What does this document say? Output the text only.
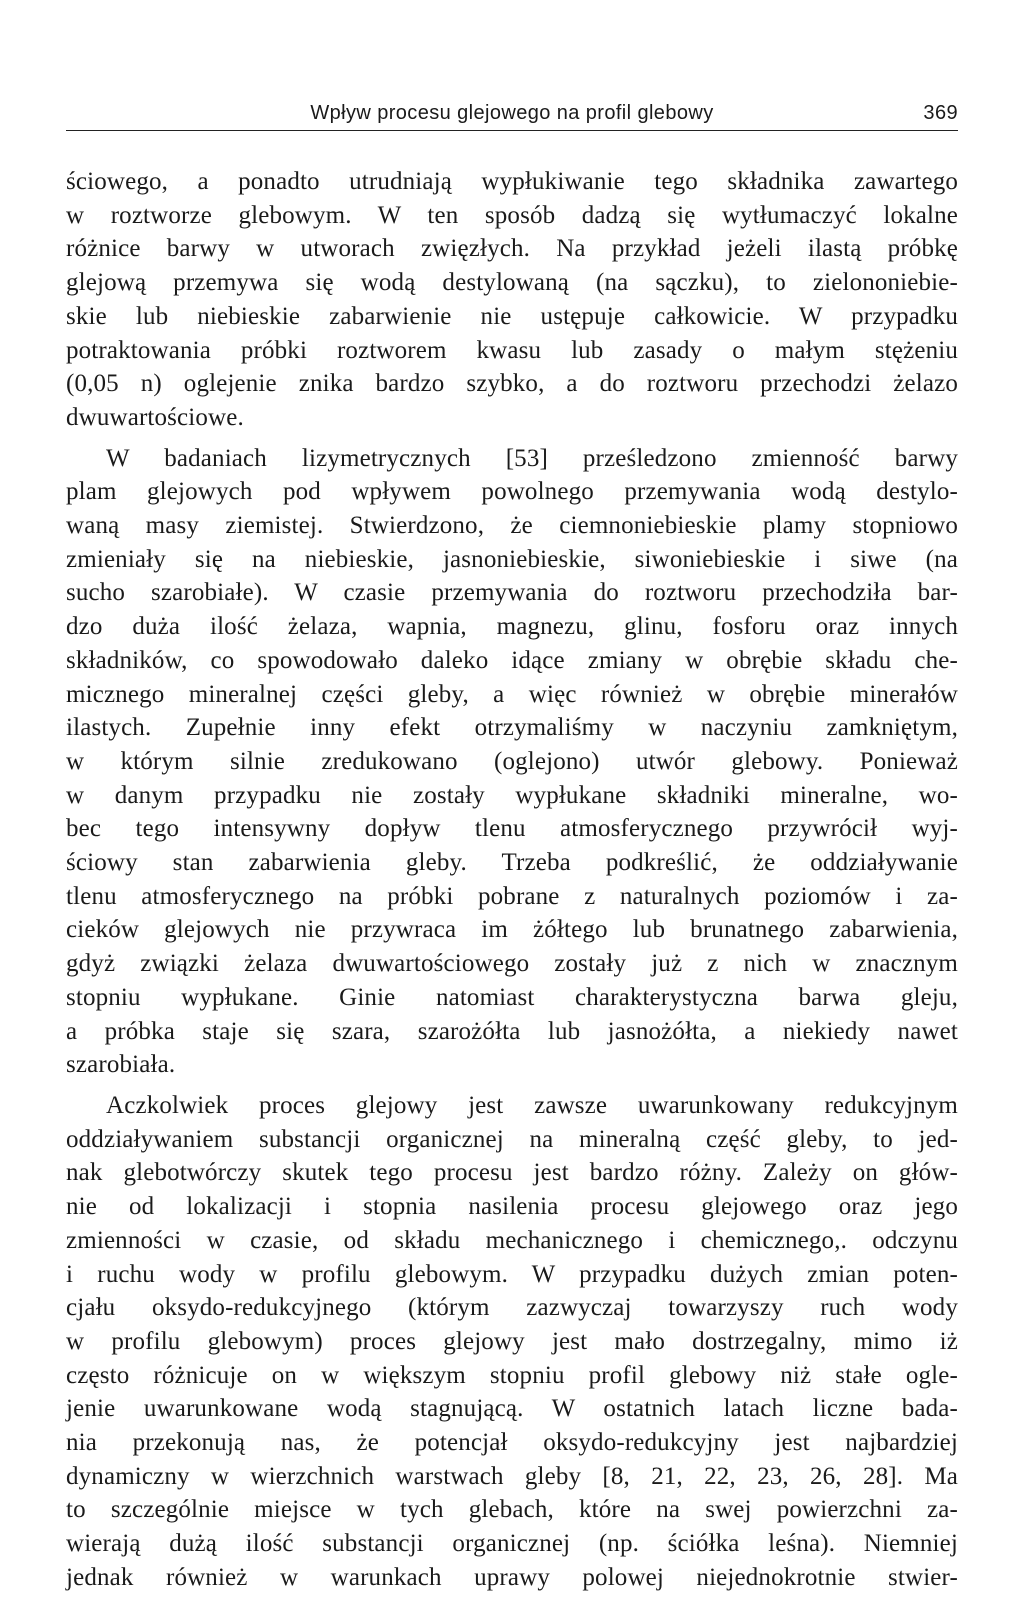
Wpływ procesu glejowego na profil glebowy	369

ściowego, a ponadto utrudniają wypłukiwanie tego składnika zawartego
w roztworze glebowym. W ten sposób dadzą się wytłumaczyć lokalne
różnice barwy w utworach zwięzłych. Na przykład jeżeli ilastą próbkę
glejową przemywa się wodą destylowaną (na sączku), to zielononiebie-
skie lub niebieskie zabarwienie nie ustępuje całkowicie. W przypadku
potraktowania próbki roztworem kwasu lub zasady o małym stężeniu
(0,05 n) oglejenie znika bardzo szybko, a do roztworu przechodzi żelazo
dwuwartościowe.

W badaniach lizymetrycznych [53] prześledzono zmienność barwy
plam glejowych pod wpływem powolnego przemywania wodą destylo-
waną masy ziemistej. Stwierdzono, że ciemnoniebieskie plamy stopniowo
zmieniały się na niebieskie, jasnoniebieskie, siwoniebieskie i siwe (na
sucho szarobiałe). W czasie przemywania do roztworu przechodziła bar-
dzo duża ilość żelaza, wapnia, magnezu, glinu, fosforu oraz innych
składników, co spowodowało daleko idące zmiany w obrębie składu che-
micznego mineralnej części gleby, a więc również w obrębie minerałów
ilastych. Zupełnie inny efekt otrzymaliśmy w naczyniu zamkniętym,
w którym silnie zredukowano (oglejono) utwór glebowy. Ponieważ
w danym przypadku nie zostały wypłukane składniki mineralne, wo-
bec tego intensywny dopływ tlenu atmosferycznego przywrócił wyj-
ściowy stan zabarwienia gleby. Trzeba podkreślić, że oddziaływanie
tlenu atmosferycznego na próbki pobrane z naturalnych poziomów i za-
cieków glejowych nie przywraca im żółtego lub brunatnego zabarwienia,
gdyż związki żelaza dwuwartościowego zostały już z nich w znacznym
stopniu wypłukane. Ginie natomiast charakterystyczna barwa gleju,
a próbka staje się szara, szarożółta lub jasnożółta, a niekiedy nawet
szarobiała.

Aczkolwiek proces glejowy jest zawsze uwarunkowany redukcyjnym
oddziaływaniem substancji organicznej na mineralną część gleby, to jed-
nak glebotwórczy skutek tego procesu jest bardzo różny. Zależy on głów-
nie od lokalizacji i stopnia nasilenia procesu glejowego oraz jego
zmienności w czasie, od składu mechanicznego i chemicznego,. odczynu
i ruchu wody w profilu glebowym. W przypadku dużych zmian poten-
cjału oksydo-redukcyjnego (którym zazwyczaj towarzyszy ruch wody
w profilu glebowym) proces glejowy jest mało dostrzegalny, mimo iż
często różnicuje on w większym stopniu profil glebowy niż stałe ogle-
jenie uwarunkowane wodą stagnującą. W ostatnich latach liczne bada-
nia przekonują nas, że potencjał oksydo-redukcyjny jest najbardziej
dynamiczny w wierzchnich warstwach gleby [8, 21, 22, 23, 26, 28]. Ma
to szczególnie miejsce w tych glebach, które na swej powierzchni za-
wierają dużą ilość substancji organicznej (np. ściółka leśna). Niemniej
jednak również w warunkach uprawy polowej niejednokrotnie stwier-
